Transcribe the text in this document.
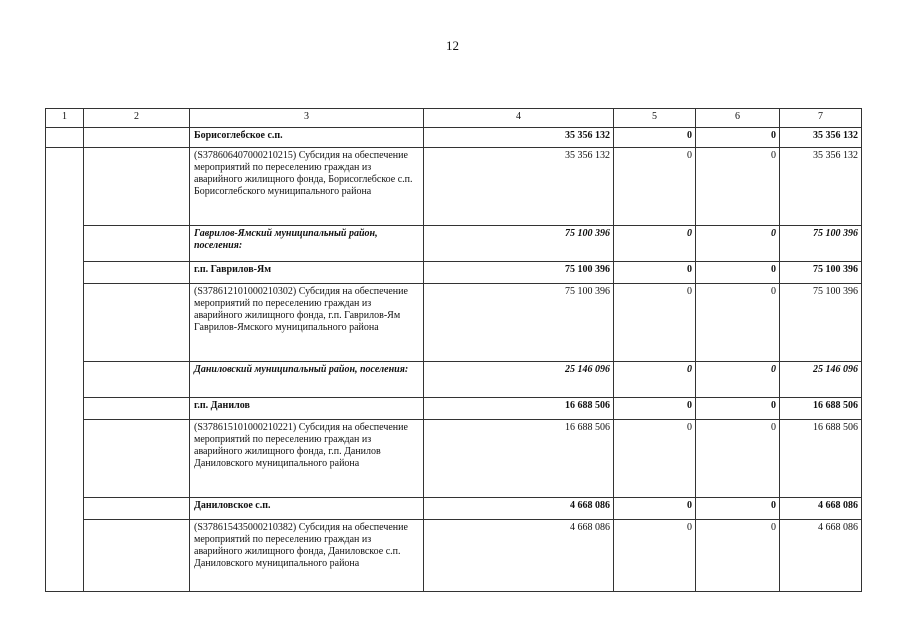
12
1	2	3	4	5	6	7
		Борисоглебское с.п.	35 356 132	0	0	35 356 132
		(S378606407000210215) Субсидия на обеспечение мероприятий по переселению граждан из аварийного жилищного фонда, Борисоглебское с.п. Борисоглебского муниципального района	35 356 132	0	0	35 356 132
		Гаврилов-Ямский муниципальный район, поселения:	75 100 396	0	0	75 100 396
		г.п. Гаврилов-Ям	75 100 396	0	0	75 100 396
		(S378612101000210302) Субсидия на обеспечение мероприятий по переселению граждан из аварийного жилищного фонда, г.п. Гаврилов-Ям Гаврилов-Ямского муниципального района	75 100 396	0	0	75 100 396
		Даниловский муниципальный район, поселения:	25 146 096	0	0	25 146 096
		г.п. Данилов	16 688 506	0	0	16 688 506
		(S378615101000210221) Субсидия на обеспечение мероприятий по переселению граждан из аварийного жилищного фонда, г.п. Данилов Даниловского муниципального района	16 688 506	0	0	16 688 506
		Даниловское с.п.	4 668 086	0	0	4 668 086
		(S378615435000210382) Субсидия на обеспечение мероприятий по переселению граждан из аварийного жилищного фонда, Даниловское с.п. Даниловского муниципального района	4 668 086	0	0	4 668 086
